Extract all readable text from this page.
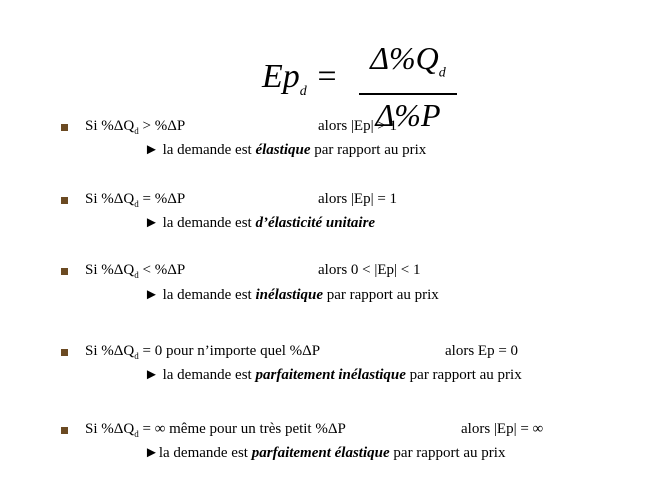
$Ep_d = \Delta\%Q_d$
Δ%P
Si $\%\Delta Q_d > \%\Delta P$	alors |Ep| > 1
► la demande est élastique par rapport au prix
Si $\%\Delta Q_d = \%\Delta P$	alors |Ep| = 1
► la demande est d’élasticité unitaire
Si $\%\Delta Q_d < \%\Delta P$	alors 0 < |Ep| < 1
► la demande est inélastique par rapport au prix
Si $\%\Delta Q_d = 0$ pour n’importe quel %ΔP	alors Ep = 0
► la demande est parfaitement inélastique par rapport au prix
Si $\%\Delta Q_d$ = ∞ même pour un très petit %ΔP	alors |Ep| = ∞
►la demande est parfaitement élastique par rapport au prix
